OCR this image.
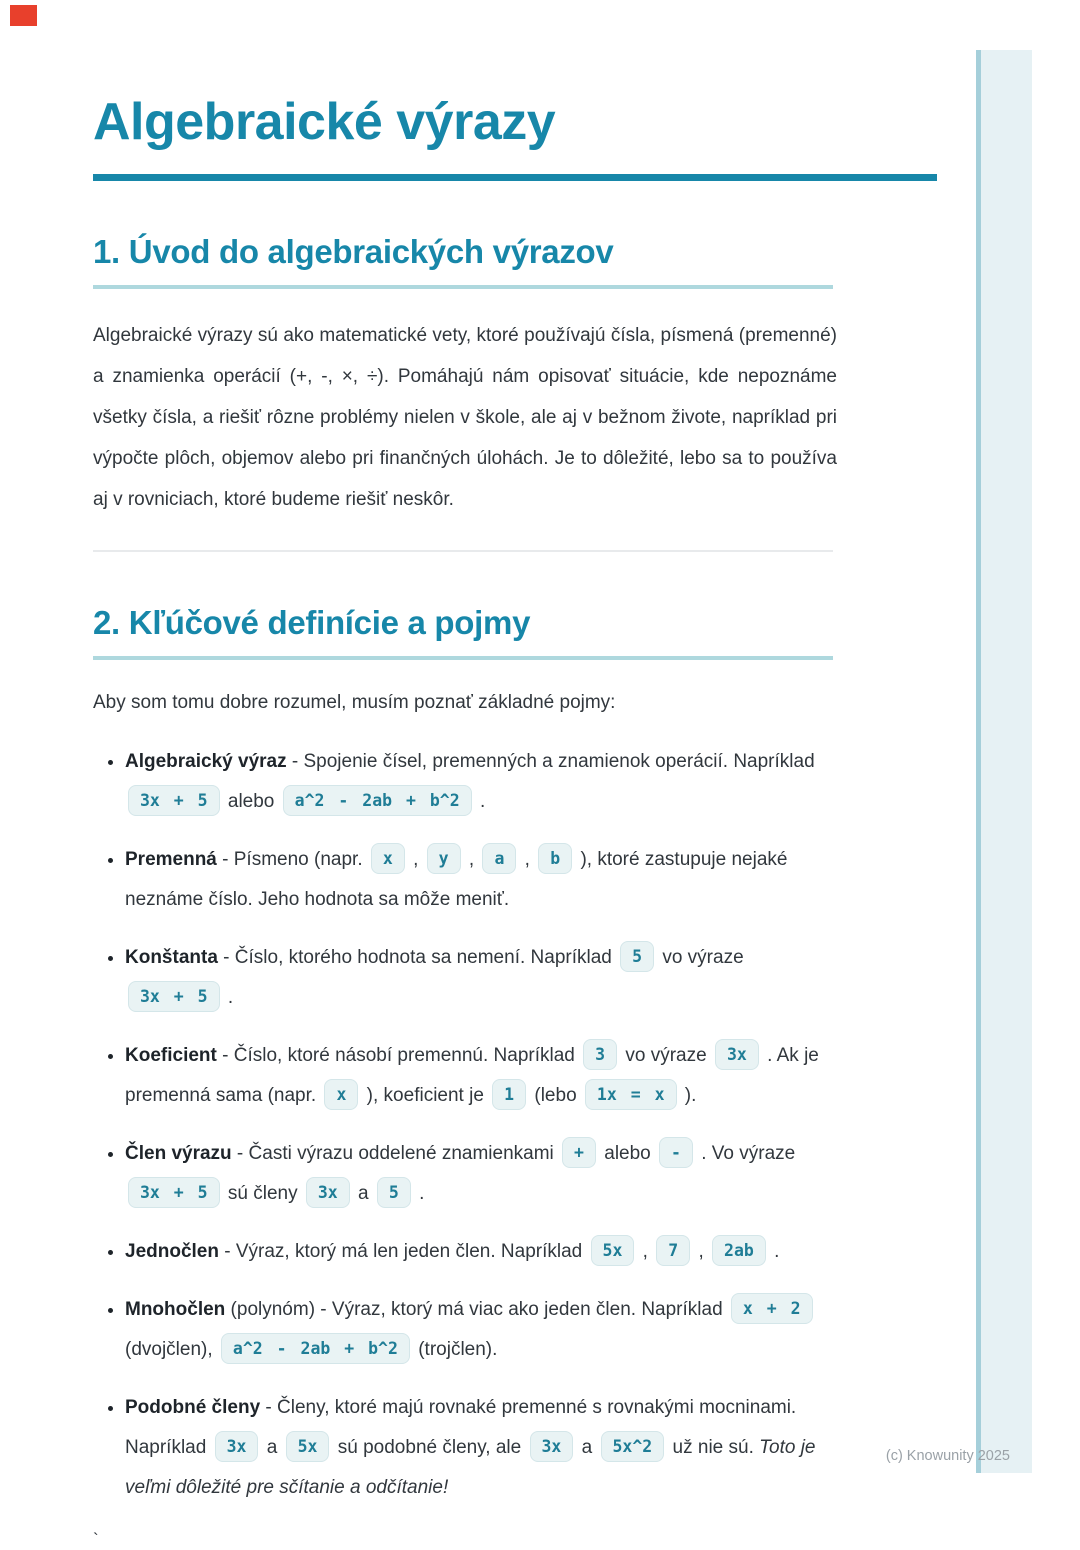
Algebraické výrazy
1. Úvod do algebraických výrazov

Algebraické výrazy sú ako matematické vety, ktoré používajú čísla, písmená (premenné) a znamienka operácií (+, -, ×, ÷). Pomáhajú nám opisovať situácie, kde nepoznáme všetky čísla, a riešiť rôzne problémy nielen v škole, ale aj v bežnom živote, napríklad pri výpočte plôch, objemov alebo pri finančných úlohách. Je to dôležité, lebo sa to používa aj v rovniciach, ktoré budeme riešiť neskôr.

2. Kľúčové definície a pojmy

Aby som tomu dobre rozumel, musím poznať základné pojmy:

• Algebraický výraz - Spojenie čísel, premenných a znamienok operácií. Napríklad 3x + 5 alebo a^2 - 2ab + b^2 .
• Premenná - Písmeno (napr. x , y , a , b ), ktoré zastupuje nejaké neznáme číslo. Jeho hodnota sa môže meniť.
• Konštanta - Číslo, ktorého hodnota sa nemení. Napríklad 5 vo výraze 3x + 5 .
• Koeficient - Číslo, ktoré násobí premennú. Napríklad 3 vo výraze 3x . Ak je premenná sama (napr. x ), koeficient je 1 (lebo 1x = x ).
• Člen výrazu - Časti výrazu oddelené znamienkami + alebo - . Vo výraze 3x + 5 sú členy 3x a 5 .
• Jednočlen - Výraz, ktorý má len jeden člen. Napríklad 5x , 7 , 2ab .
• Mnohočlen (polynóm) - Výraz, ktorý má viac ako jeden člen. Napríklad x + 2 (dvojčlen), a^2 - 2ab + b^2 (trojčlen).
• Podobné členy - Členy, ktoré majú rovnaké premenné s rovnakými mocninami. Napríklad 3x a 5x sú podobné členy, ale 3x a 5x^2 už nie sú. Toto je veľmi dôležité pre sčítanie a odčítanie!
`
(c) Knowunity 2025
